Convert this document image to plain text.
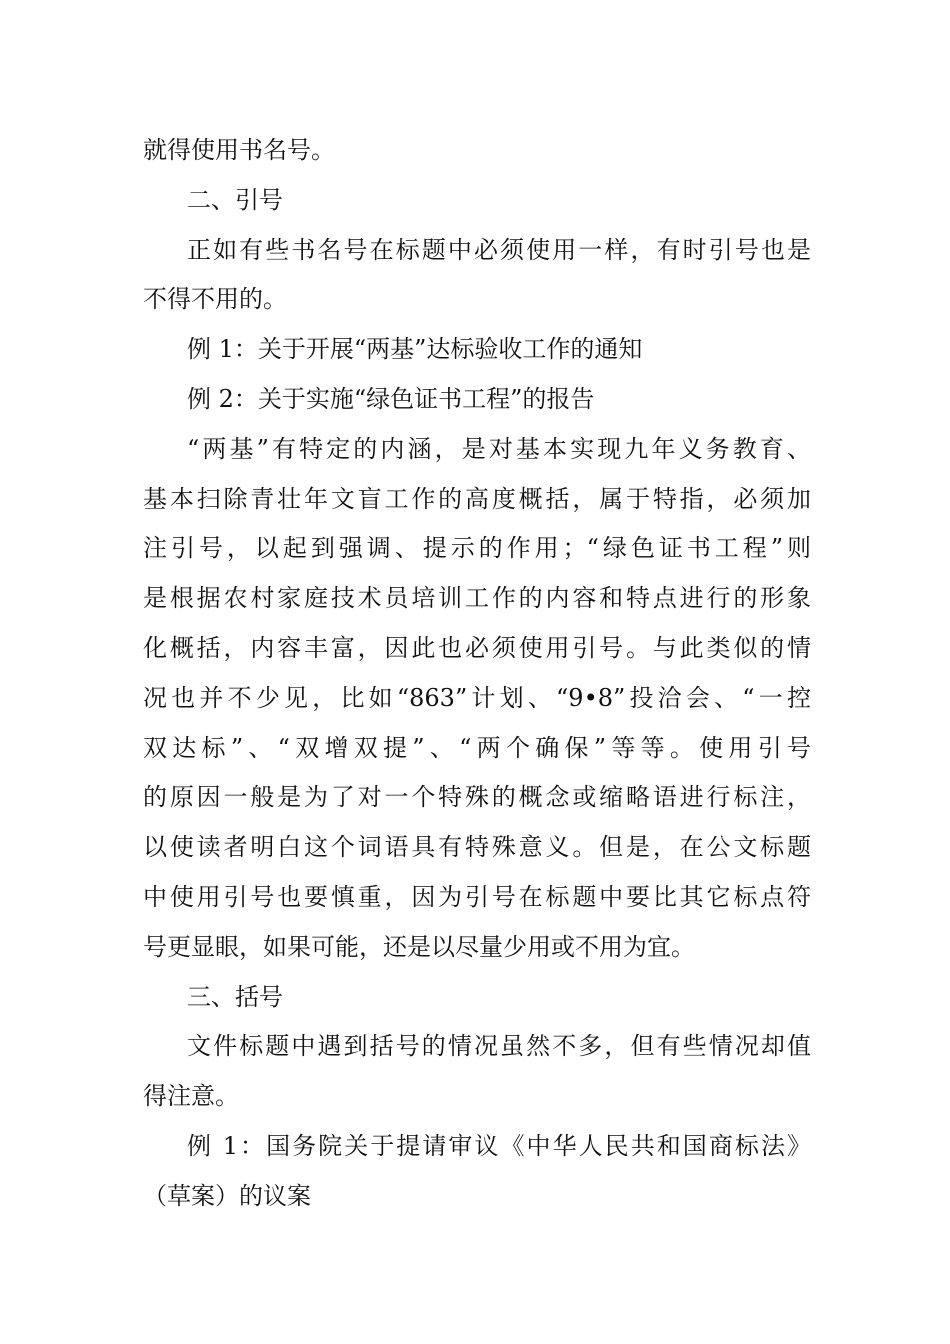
就得使用书名号。
二、引号
正如有些书名号在标题中必须使用一样，有时引号也是
不得不用的。
例 1：关于开展“两基”达标验收工作的通知
例 2：关于实施“绿色证书工程”的报告
“两基”有特定的内涵，是对基本实现九年义务教育、
基本扫除青壮年文盲工作的高度概括，属于特指，必须加
注引号，以起到强调、提示的作用；“绿色证书工程”则
是根据农村家庭技术员培训工作的内容和特点进行的形象
化概括，内容丰富，因此也必须使用引号。与此类似的情
况也并不少见，比如“863”计划、“9•8”投洽会、“一控
双达标”、“双增双提”、“两个确保”等等。使用引号
的原因一般是为了对一个特殊的概念或缩略语进行标注，
以使读者明白这个词语具有特殊意义。但是，在公文标题
中使用引号也要慎重，因为引号在标题中要比其它标点符
号更显眼，如果可能，还是以尽量少用或不用为宜。
三、括号
文件标题中遇到括号的情况虽然不多，但有些情况却值
得注意。
例 1：国务院关于提请审议《中华人民共和国商标法》
（草案）的议案
